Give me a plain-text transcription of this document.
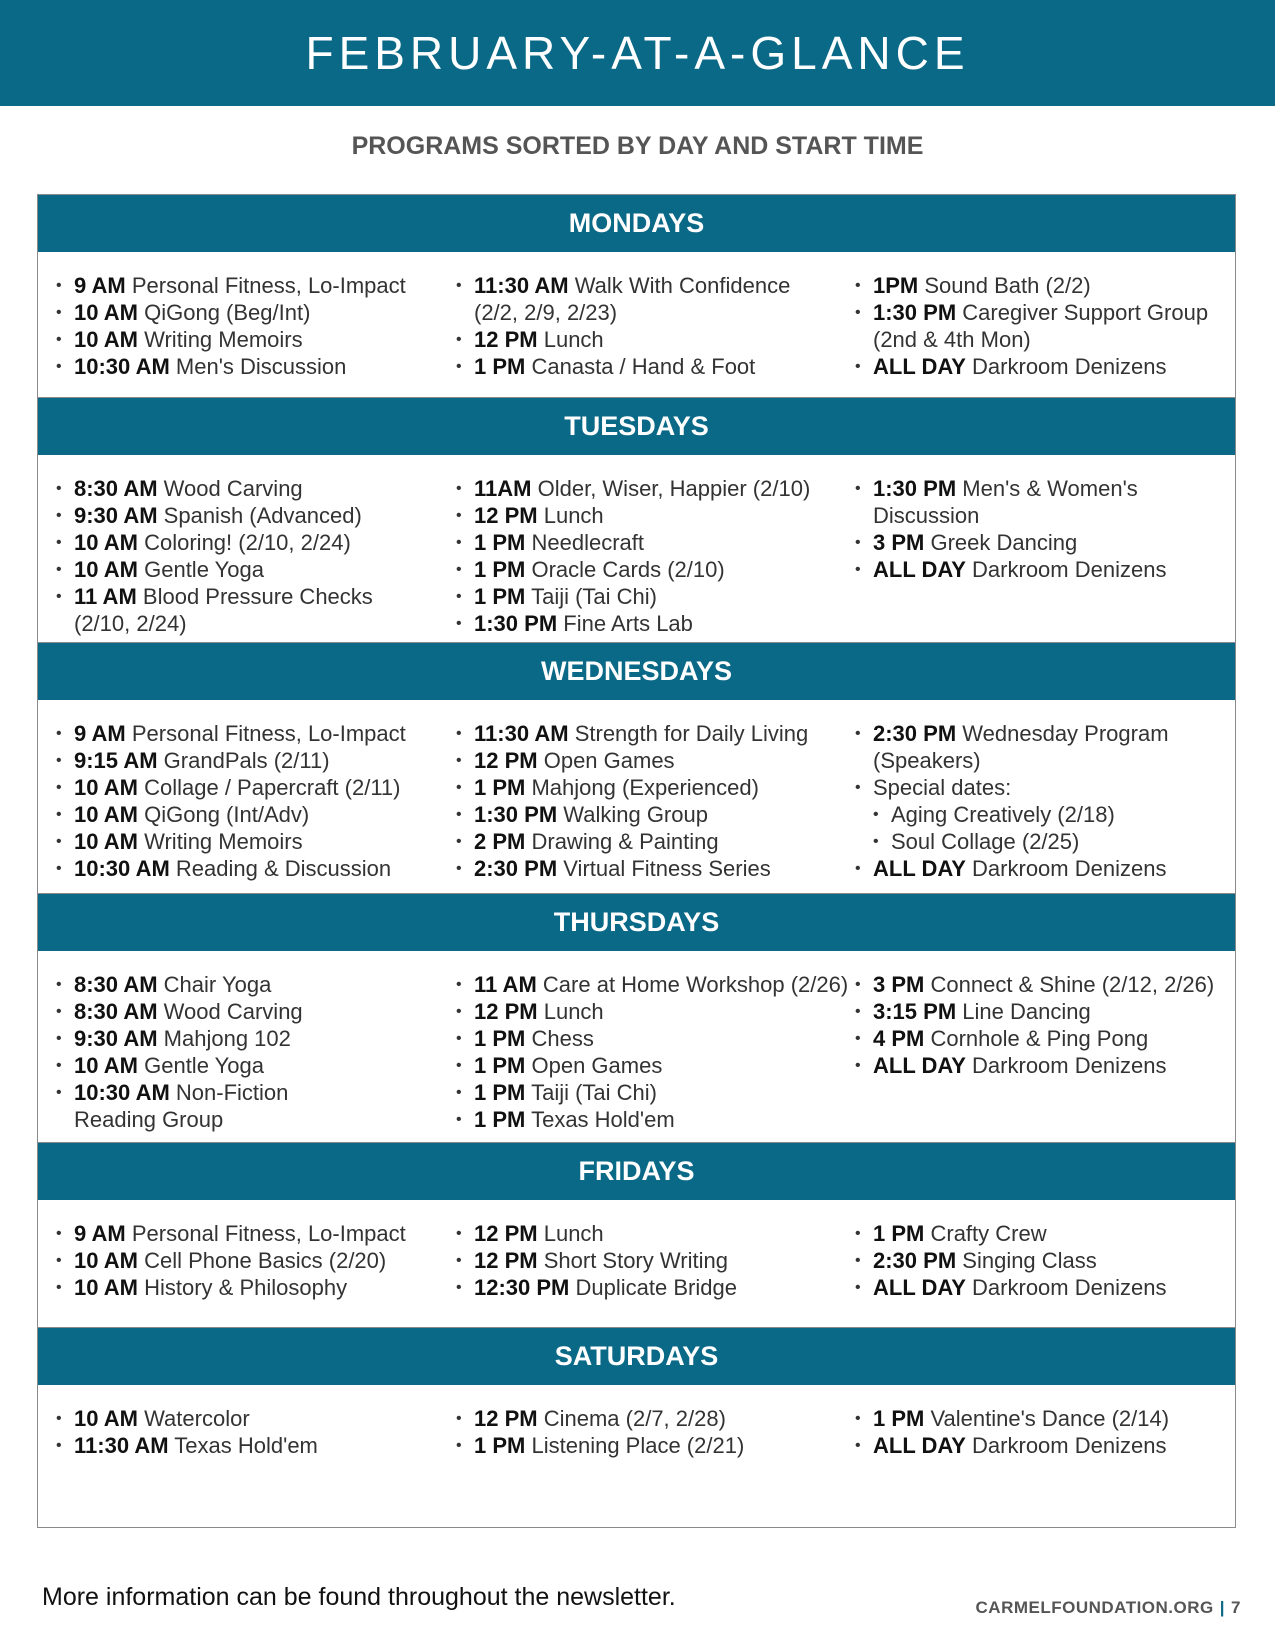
FEBRUARY-AT-A-GLANCE
PROGRAMS SORTED BY DAY AND START TIME
MONDAYS
• 9 AM Personal Fitness, Lo-Impact
• 10 AM QiGong (Beg/Int)
• 10 AM Writing Memoirs
• 10:30 AM Men's Discussion
• 11:30 AM Walk With Confidence
(2/2, 2/9, 2/23)
• 12 PM Lunch
• 1 PM Canasta / Hand & Foot
• 1PM Sound Bath (2/2)
• 1:30 PM Caregiver Support Group
(2nd & 4th Mon)
• ALL DAY Darkroom Denizens
TUESDAYS
• 8:30 AM Wood Carving
• 9:30 AM Spanish (Advanced)
• 10 AM Coloring! (2/10, 2/24)
• 10 AM Gentle Yoga
• 11 AM Blood Pressure Checks
(2/10, 2/24)
• 11AM Older, Wiser, Happier (2/10)
• 12 PM Lunch
• 1 PM Needlecraft
• 1 PM Oracle Cards (2/10)
• 1 PM Taiji (Tai Chi)
• 1:30 PM Fine Arts Lab
• 1:30 PM Men's & Women's
Discussion
• 3 PM Greek Dancing
• ALL DAY Darkroom Denizens
WEDNESDAYS
• 9 AM Personal Fitness, Lo-Impact
• 9:15 AM GrandPals (2/11)
• 10 AM Collage / Papercraft (2/11)
• 10 AM QiGong (Int/Adv)
• 10 AM Writing Memoirs
• 10:30 AM Reading & Discussion
• 11:30 AM Strength for Daily Living
• 12 PM Open Games
• 1 PM Mahjong (Experienced)
• 1:30 PM Walking Group
• 2 PM Drawing & Painting
• 2:30 PM Virtual Fitness Series
• 2:30 PM Wednesday Program
(Speakers)
• Special dates:
• Aging Creatively (2/18)
• Soul Collage (2/25)
• ALL DAY Darkroom Denizens
THURSDAYS
• 8:30 AM Chair Yoga
• 8:30 AM Wood Carving
• 9:30 AM Mahjong 102
• 10 AM Gentle Yoga
• 10:30 AM Non-Fiction
Reading Group
• 11 AM Care at Home Workshop (2/26)
• 12 PM Lunch
• 1 PM Chess
• 1 PM Open Games
• 1 PM Taiji (Tai Chi)
• 1 PM Texas Hold'em
• 3 PM Connect & Shine (2/12, 2/26)
• 3:15 PM Line Dancing
• 4 PM Cornhole & Ping Pong
• ALL DAY Darkroom Denizens
FRIDAYS
• 9 AM Personal Fitness, Lo-Impact
• 10 AM Cell Phone Basics (2/20)
• 10 AM History & Philosophy
• 12 PM Lunch
• 12 PM Short Story Writing
• 12:30 PM Duplicate Bridge
• 1 PM Crafty Crew
• 2:30 PM Singing Class
• ALL DAY Darkroom Denizens
SATURDAYS
• 10 AM Watercolor
• 11:30 AM Texas Hold'em
• 12 PM Cinema (2/7, 2/28)
• 1 PM Listening Place (2/21)
• 1 PM Valentine's Dance (2/14)
• ALL DAY Darkroom Denizens
More information can be found throughout the newsletter.	CARMELFOUNDATION.ORG | 7
